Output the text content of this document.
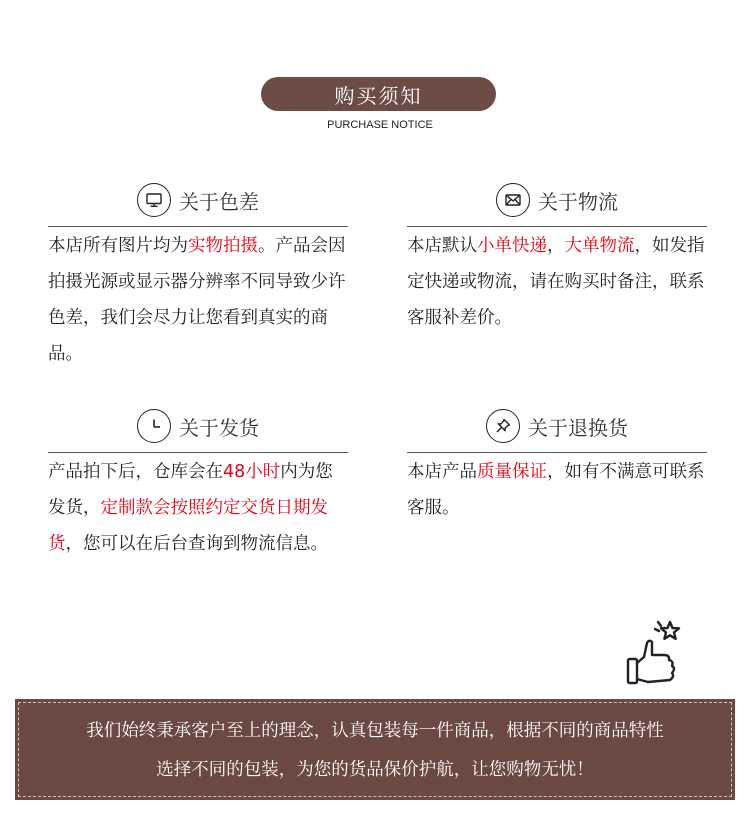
购买须知
PURCHASE NOTICE
关于色差
本店所有图片均为实物拍摄。产品会因拍摄光源或显示器分辨率不同导致少许色差，我们会尽力让您看到真实的商品。
关于物流
本店默认小单快递，大单物流，如发指定快递或物流，请在购买时备注，联系客服补差价。
关于发货
产品拍下后，仓库会在48小时内为您发货，定制款会按照约定交货日期发货，您可以在后台查询到物流信息。
关于退换货
本店产品质量保证，如有不满意可联系客服。
我们始终秉承客户至上的理念，认真包装每一件商品，根据不同的商品特性
选择不同的包装，为您的货品保价护航，让您购物无忧！
